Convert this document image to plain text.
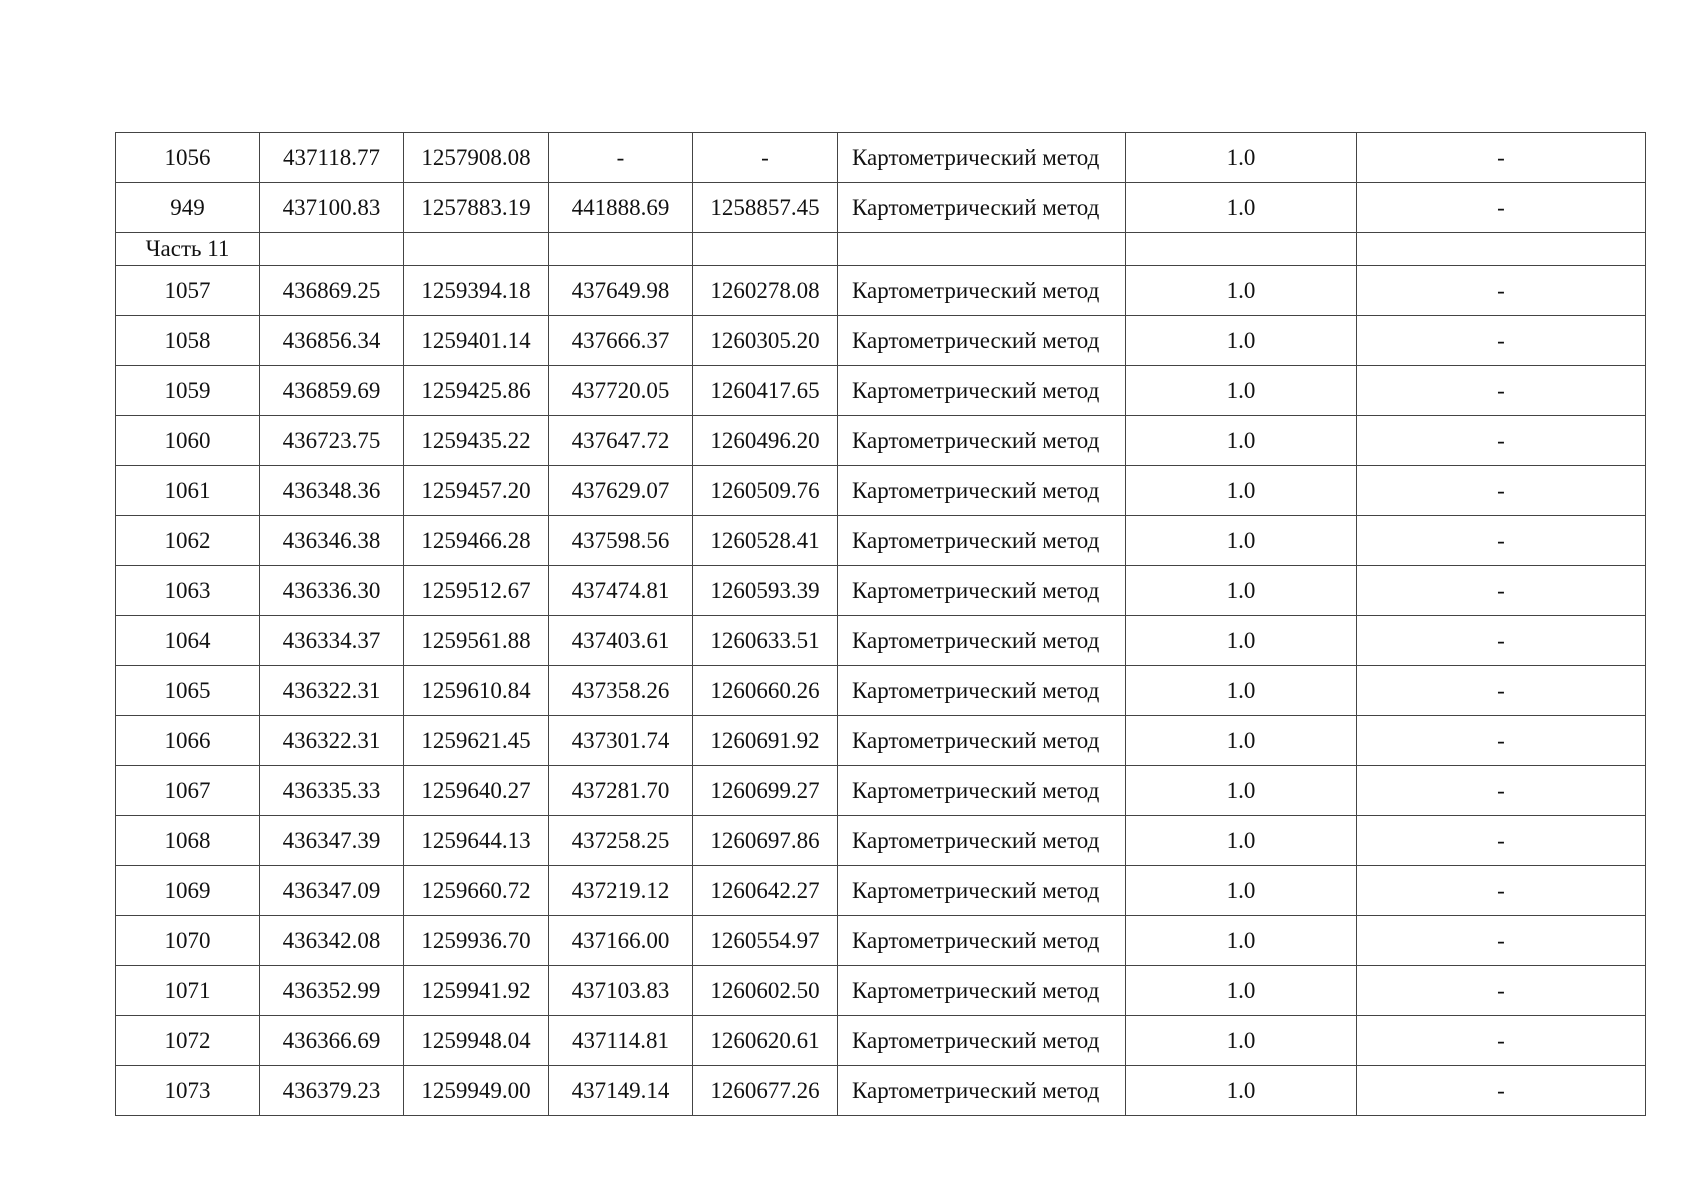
1056	437118.77	1257908.08	-	-	Картометрический метод	1.0	-
949	437100.83	1257883.19	441888.69	1258857.45	Картометрический метод	1.0	-
Часть 11							
1057	436869.25	1259394.18	437649.98	1260278.08	Картометрический метод	1.0	-
1058	436856.34	1259401.14	437666.37	1260305.20	Картометрический метод	1.0	-
1059	436859.69	1259425.86	437720.05	1260417.65	Картометрический метод	1.0	-
1060	436723.75	1259435.22	437647.72	1260496.20	Картометрический метод	1.0	-
1061	436348.36	1259457.20	437629.07	1260509.76	Картометрический метод	1.0	-
1062	436346.38	1259466.28	437598.56	1260528.41	Картометрический метод	1.0	-
1063	436336.30	1259512.67	437474.81	1260593.39	Картометрический метод	1.0	-
1064	436334.37	1259561.88	437403.61	1260633.51	Картометрический метод	1.0	-
1065	436322.31	1259610.84	437358.26	1260660.26	Картометрический метод	1.0	-
1066	436322.31	1259621.45	437301.74	1260691.92	Картометрический метод	1.0	-
1067	436335.33	1259640.27	437281.70	1260699.27	Картометрический метод	1.0	-
1068	436347.39	1259644.13	437258.25	1260697.86	Картометрический метод	1.0	-
1069	436347.09	1259660.72	437219.12	1260642.27	Картометрический метод	1.0	-
1070	436342.08	1259936.70	437166.00	1260554.97	Картометрический метод	1.0	-
1071	436352.99	1259941.92	437103.83	1260602.50	Картометрический метод	1.0	-
1072	436366.69	1259948.04	437114.81	1260620.61	Картометрический метод	1.0	-
1073	436379.23	1259949.00	437149.14	1260677.26	Картометрический метод	1.0	-
